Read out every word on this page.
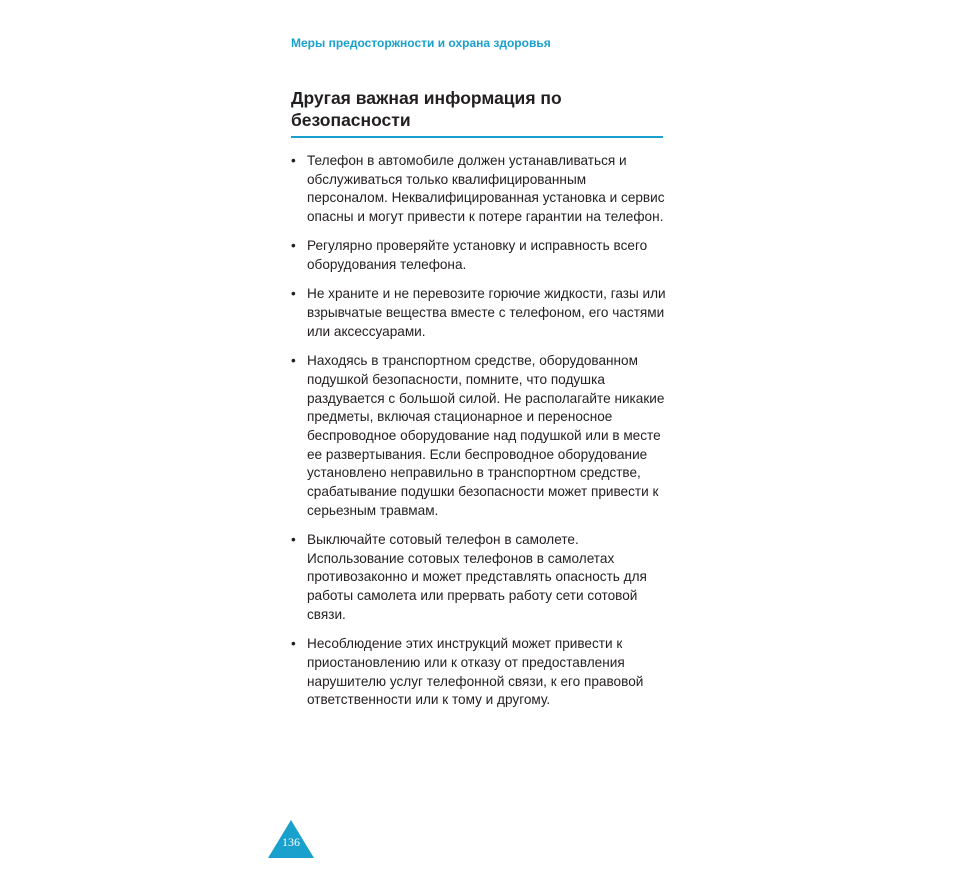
Меры предосторжности и охрана здоровья
Другая важная информация по безопасности
• Телефон в автомобиле должен устанавливаться и обслуживаться только квалифицированным персоналом. Неквалифицированная установка и сервис опасны и могут привести к потере гарантии на телефон.
• Регулярно проверяйте установку и исправность всего оборудования телефона.
• Не храните и не перевозите горючие жидкости, газы или взрывчатые вещества вместе с телефоном, его частями или аксессуарами.
• Находясь в транспортном средстве, оборудованном подушкой безопасности, помните, что подушка раздувается с большой силой. Не располагайте никакие предметы, включая стационарное и переносное беспроводное оборудование над подушкой или в месте ее развертывания. Если беспроводное оборудование установлено неправильно в транспортном средстве, срабатывание подушки безопасности может привести к серьезным травмам.
• Выключайте сотовый телефон в самолете. Использование сотовых телефонов в самолетах противозаконно и может представлять опасность для работы самолета или прервать работу сети сотовой связи.
• Несоблюдение этих инструкций может привести к приостановлению или к отказу от предоставления нарушителю услуг телефонной связи, к его правовой ответственности или к тому и другому.
136
